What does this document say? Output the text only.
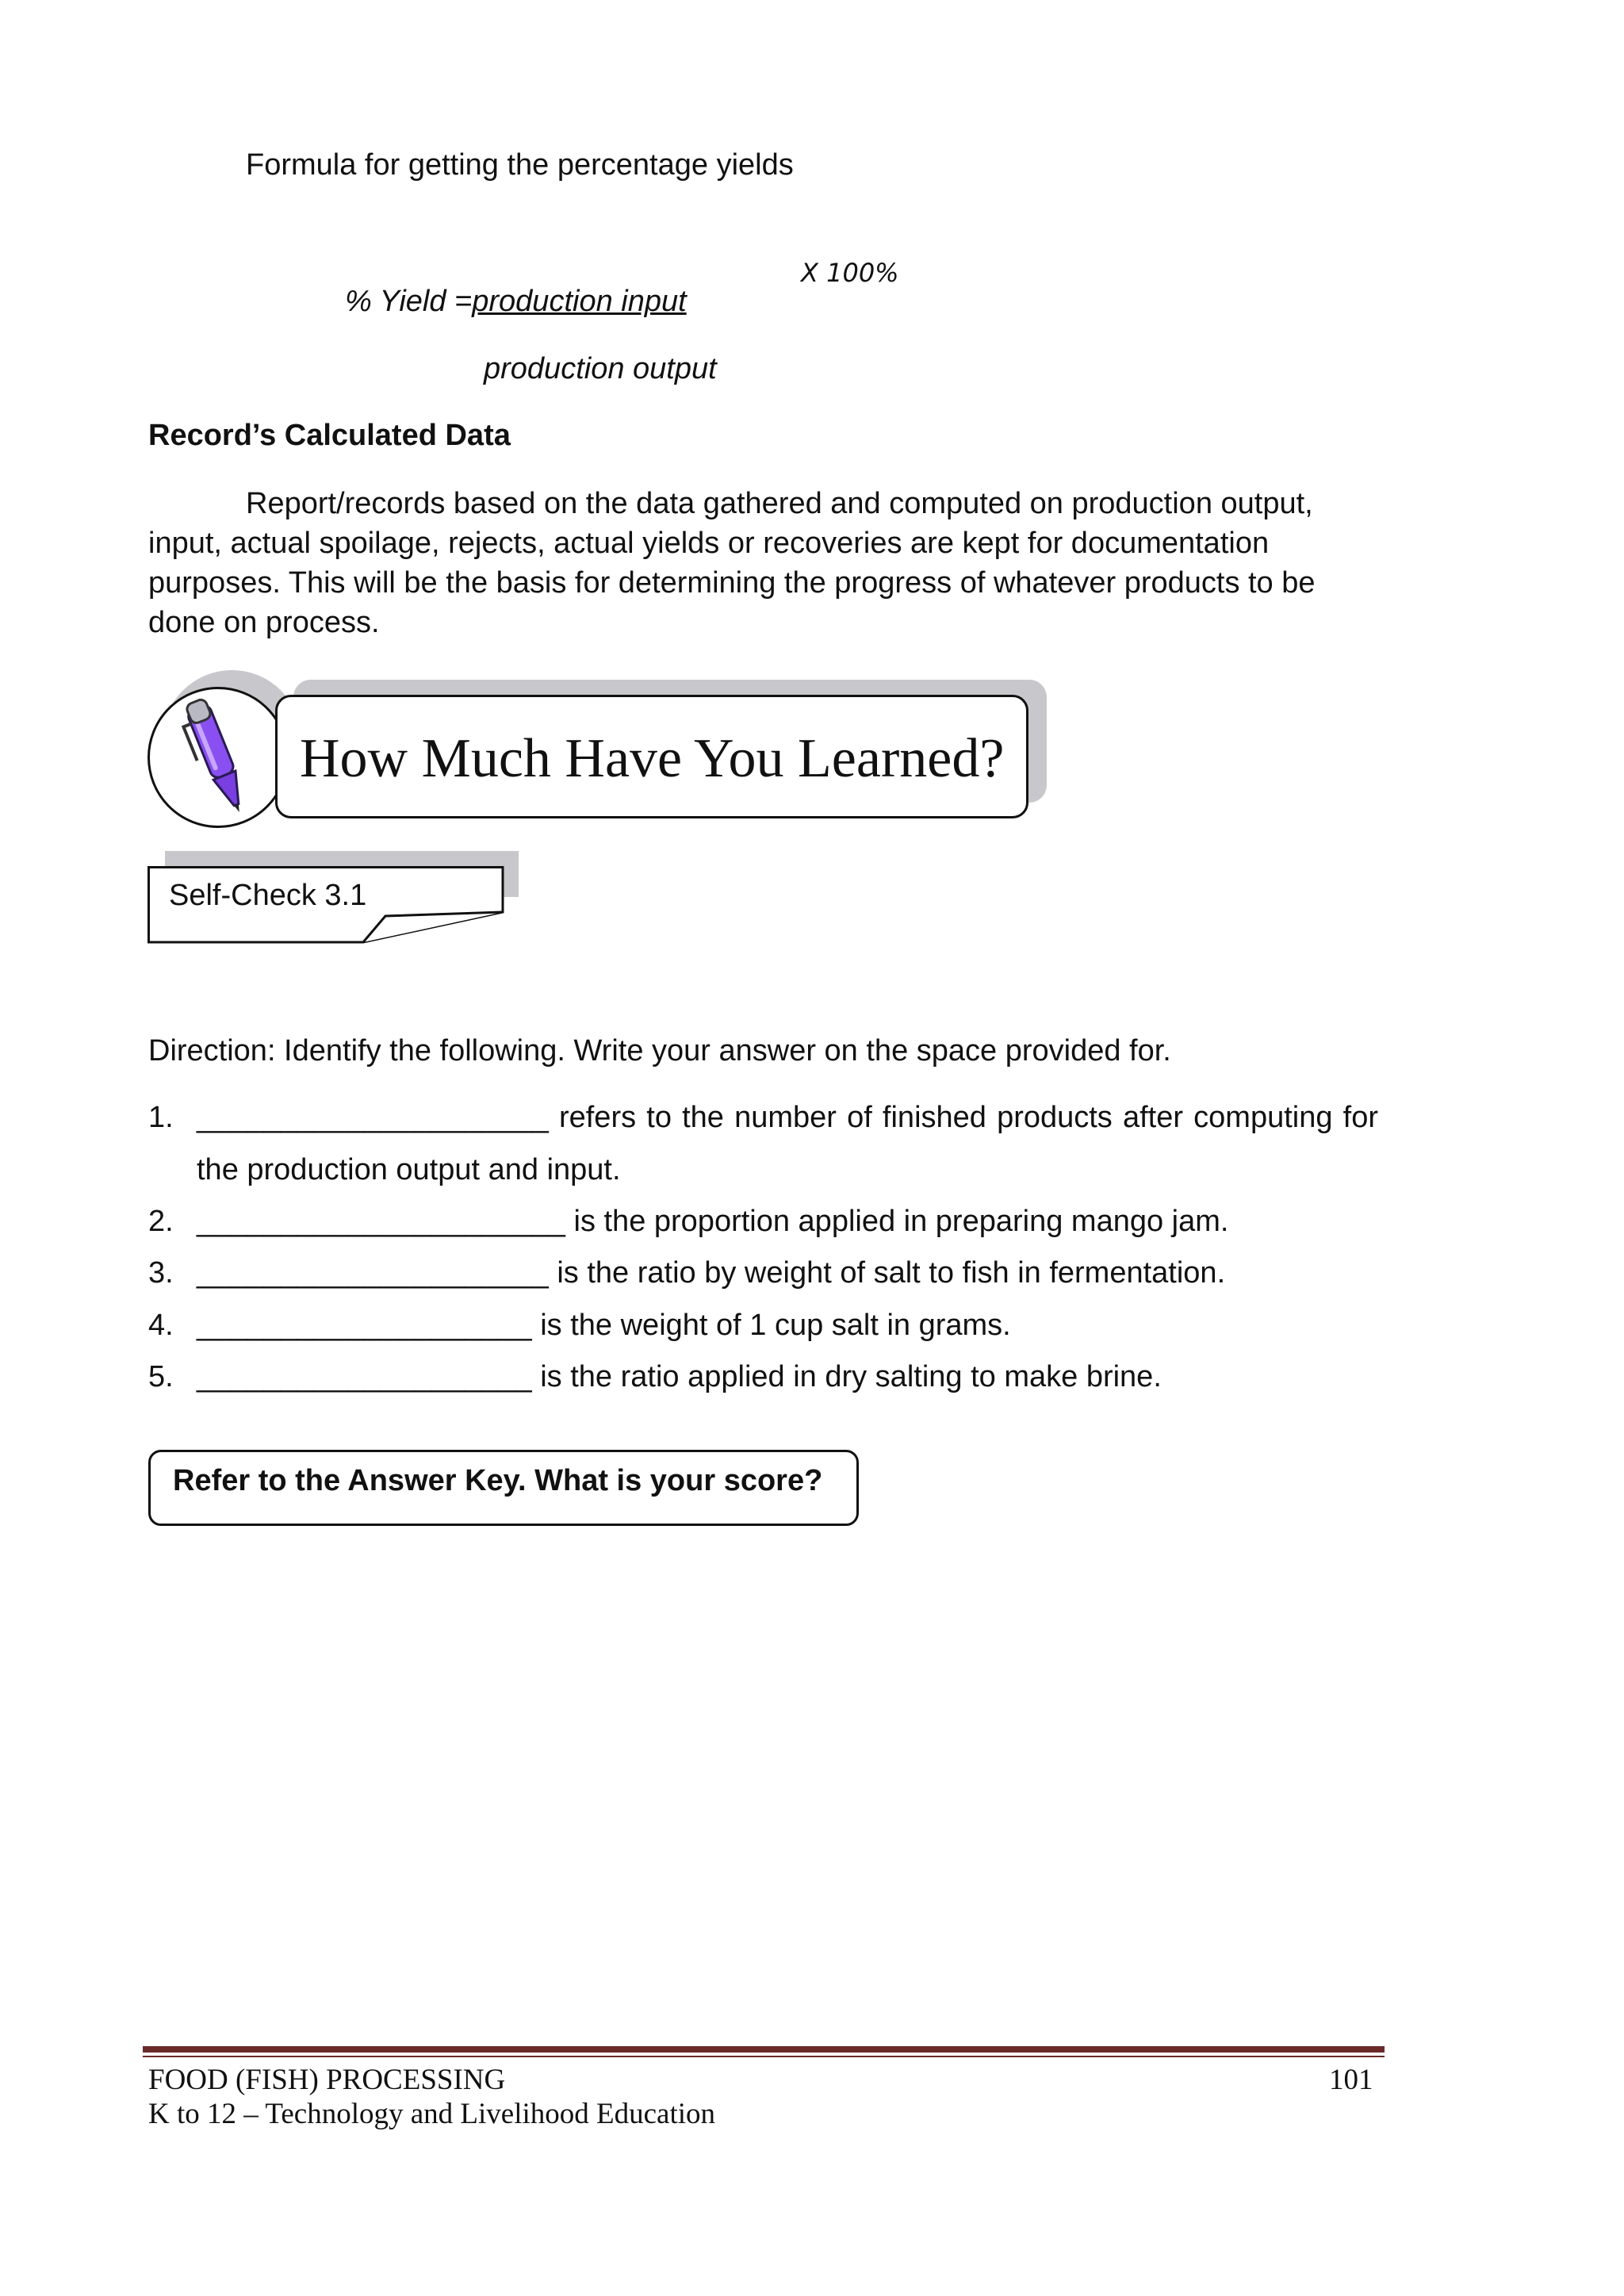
Formula for getting the percentage yields
X 100%
% Yield =production input
production output
Record’s Calculated Data
Report/records based on the data gathered and computed on production output, input, actual spoilage, rejects, actual yields or recoveries are kept for documentation purposes. This will be the basis for determining the progress of whatever products to be done on process.
How Much Have You Learned?
Self-Check 3.1
Direction: Identify the following. Write your answer on the space provided for.
1. _____________________ refers to the number of finished products after computing for the production output and input.
2. ______________________ is the proportion applied in preparing mango jam.
3. _____________________ is the ratio by weight of salt to fish in fermentation.
4. ____________________ is the weight of 1 cup salt in grams.
5. ____________________ is the ratio applied in dry salting to make brine.
Refer to the Answer Key. What is your score?
FOOD (FISH) PROCESSING
K to 12 – Technology and Livelihood Education
101
